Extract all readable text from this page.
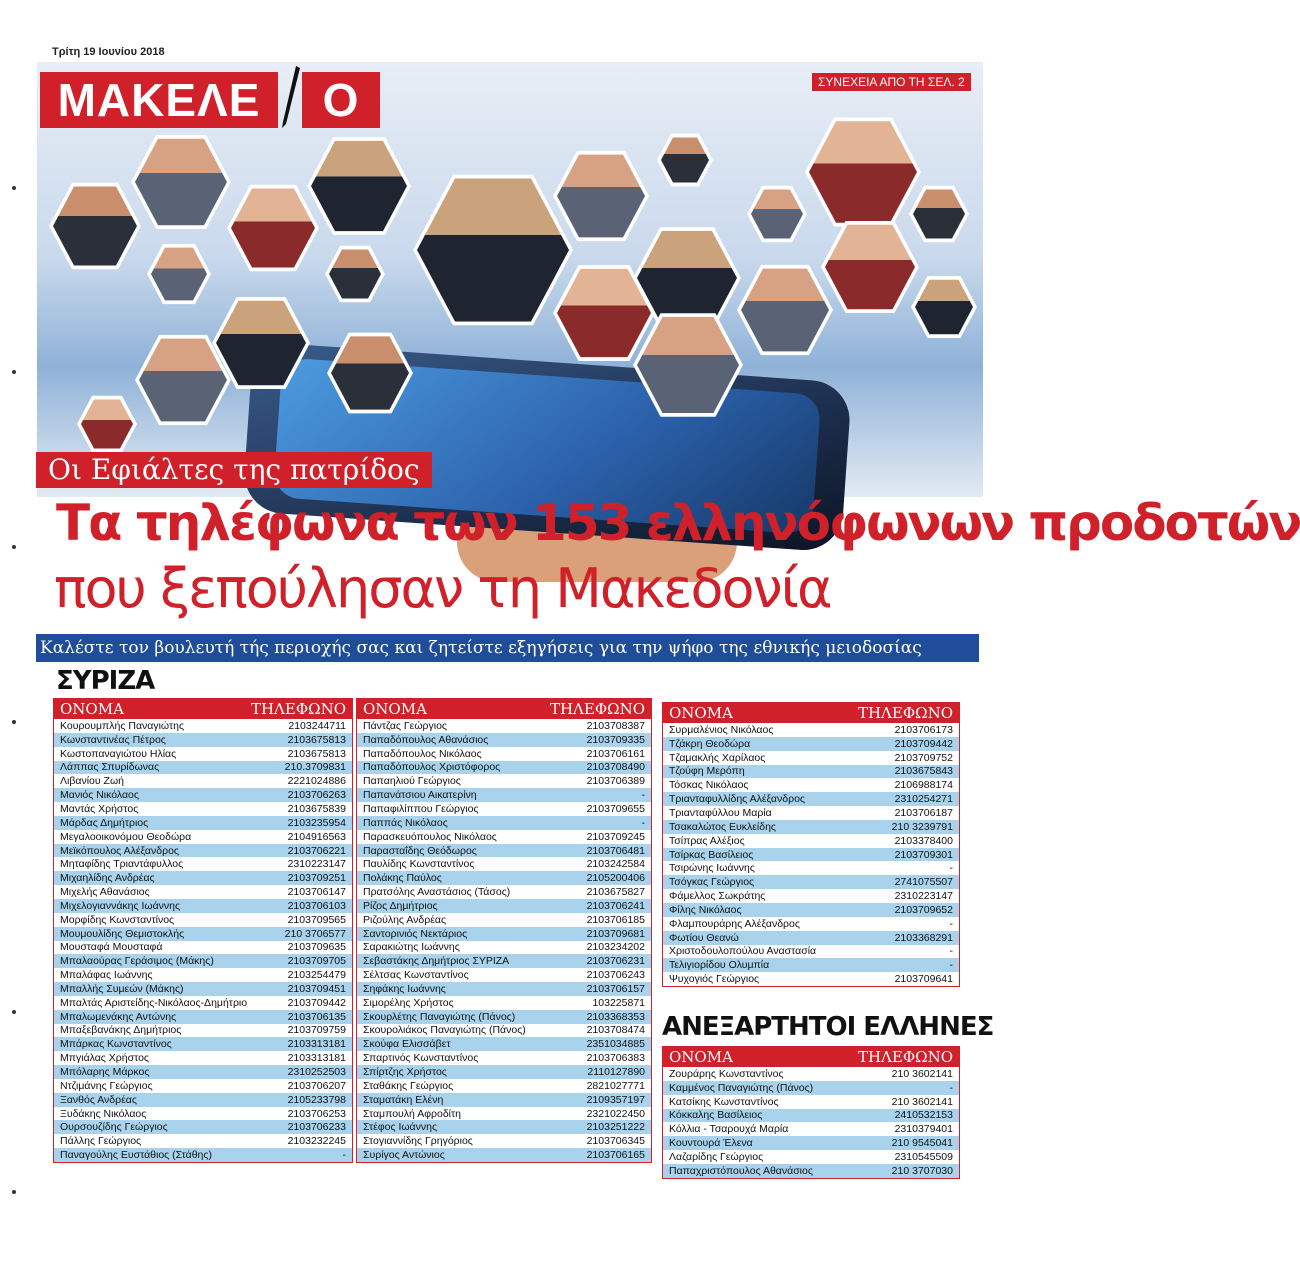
Τρίτη 19 Ιουνίου 2018
ΜΑΚΕΛΕ	Ο	ΣΥΝΕΧΕΙΑ ΑΠΟ ΤΗ ΣΕΛ. 2
Οι Εφιάλτες της πατρίδος
Τα τηλέφωνα των 153 ελληνόφωνων προδοτών
που ξεπούλησαν τη Μακεδονία
Καλέστε τον βουλευτή τής περιοχής σας και ζητείστε εξηγήσεις για την ψήφο της εθνικής μειοδοσίας
ΣΥΡΙΖΑ
ΟΝΟΜΑ	ΤΗΛΕΦΩΝΟ
Κουρουμπλής Παναγιώτης	2103244711
Κωνσταντινέας Πέτρος	2103675813
Κωστοπαναγιώτου Ηλίας	2103675813
Λάππας Σπυρίδωνας	210.3709831
Λιβανίου Ζωή	2221024886
Μανιός Νικόλαος	2103706263
Μαντάς Χρήστος	2103675839
Μάρδας Δημήτριος	2103235954
Μεγαλοοικονόμου Θεοδώρα	2104916563
Μεϊκόπουλος Αλέξανδρος	2103706221
Μηταφίδης Τριαντάφυλλος	2310223147
Μιχαηλίδης Ανδρέας	2103709251
Μιχελής Αθανάσιος	2103706147
Μιχελογιαννάκης Ιωάννης	2103706103
Μορφίδης Κωνσταντίνος	2103709565
Μουμουλίδης Θεμιστοκλής	210 3706577
Μουσταφά Μουσταφά	2103709635
Μπαλαούρας Γεράσιμος (Μάκης)	2103709705
Μπαλάφας Ιωάννης	2103254479
Μπαλλής Συμεών (Μάκης)	2103709451
Μπαλτάς Αριστείδης-Νικόλαος-Δημήτριο	2103709442
Μπαλωμενάκης Αντώνης	2103706135
Μπαξεβανάκης Δημήτριος	2103709759
Μπάρκας Κωνσταντίνος	2103313181
Μπγιάλας Χρήστος	2103313181
Μπόλαρης Μάρκος	2310252503
Ντζιμάνης Γεώργιος	2103706207
Ξανθός Ανδρέας	2105233798
Ξυδάκης Νικόλαος	2103706253
Ουρσουζίδης Γεώργιος	2103706233
Πάλλης Γεώργιος	2103232245
Παναγούλης Ευστάθιος (Στάθης)	-
ΟΝΟΜΑ	ΤΗΛΕΦΩΝΟ
Πάντζας Γεώργιος	2103708387
Παπαδόπουλος Αθανάσιος	2103709335
Παπαδόπουλος Νικόλαος	2103706161
Παπαδόπουλος Χριστόφορος	2103708490
Παπαηλιού Γεώργιος	2103706389
Παπανάτσιου Αικατερίνη	-
Παπαφιλίππου Γεώργιος	2103709655
Παππάς Νικόλαος	-
Παρασκευόπουλος Νικόλαος	2103709245
Παρασταΐδης Θεόδωρος	2103706481
Παυλίδης Κωνσταντίνος	2103242584
Πολάκης Παύλος	2105200406
Πρατσόλης Αναστάσιος (Τάσος)	2103675827
Ρίζος Δημήτριος	2103706241
Ριζούλης Ανδρέας	2103706185
Σαντορινιός Νεκτάριος	2103709681
Σαρακιώτης Ιωάννης	2103234202
Σεβαστάκης Δημήτριος ΣΥΡΙΖΑ	2103706231
Σέλτσας Κωνσταντίνος	2103706243
Σηφάκης Ιωάννης	2103706157
Σιμορέλης Χρήστος	103225871
Σκουρλέτης Παναγιώτης (Πάνος)	2103368353
Σκουρολιάκος Παναγιώτης (Πάνος)	2103708474
Σκούφα Ελισσάβετ	2351034885
Σπαρτινός Κωνσταντίνος	2103706383
Σπίρτζης Χρήστος	2110127890
Σταθάκης Γεώργιος	2821027771
Σταματάκη Ελένη	2109357197
Σταμπουλή Αφροδίτη	2321022450
Στέφος Ιωάννης	2103251222
Στογιαννίδης Γρηγόριος	2103706345
Συρίγος Αντώνιος	2103706165
ΟΝΟΜΑ	ΤΗΛΕΦΩΝΟ
Συρμαλένιος Νικόλαος	2103706173
Τζάκρη Θεοδώρα	2103709442
Τζαμακλής Χαρίλαος	2103709752
Τζούφη Μερόπη	2103675843
Τόσκας Νικόλαος	2106988174
Τριανταφυλλίδης Αλέξανδρος	2310254271
Τριανταφύλλου Μαρία	2103706187
Τσακαλώτος Ευκλείδης	210 3239791
Τσίπρας Αλέξιος	2103378400
Τσίρκας Βασίλειος	2103709301
Τσιρώνης Ιωάννης	-
Τσόγκας Γεώργιος	2741075507
Φάμελλος Σωκράτης	2310223147
Φίλης Νικόλαος	2103709652
Φλαμπουράρης Αλέξανδρος	-
Φωτίου Θεανώ	2103368291
Χριστοδουλοπούλου Αναστασία	-
Τελιγιορίδου Ολυμπία	-
Ψυχογιός Γεώργιος	2103709641
ΑΝΕΞΑΡΤΗΤΟΙ ΕΛΛΗΝΕΣ
ΟΝΟΜΑ	ΤΗΛΕΦΩΝΟ
Ζουράρης Κωνσταντίνος	210 3602141
Καμμένος Παναγιώτης (Πάνος)	-
Κατσίκης Κωνσταντίνος	210 3602141
Κόκκαλης Βασίλειος	2410532153
Κόλλια - Τσαρουχά Μαρία	2310379401
Κουντουρά Έλενα	210 9545041
Λαζαρίδης Γεώργιος	2310545509
Παπαχριστόπουλος Αθανάσιος	210 3707030
